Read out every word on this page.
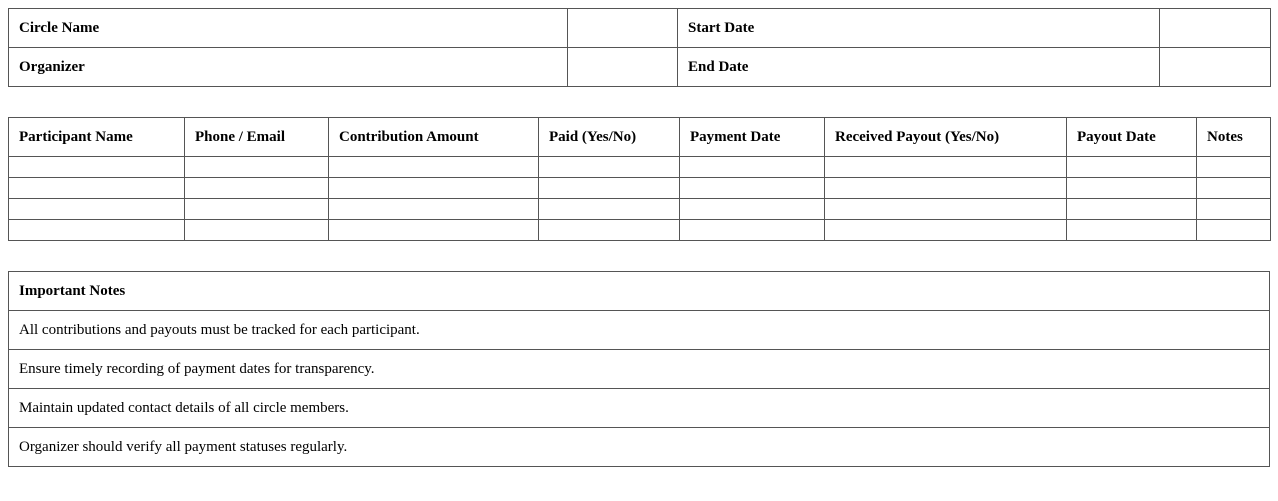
Circle Name		Start Date	
Organizer		End Date	
Participant Name	Phone / Email	Contribution Amount	Paid (Yes/No)	Payment Date	Received Payout (Yes/No)	Payout Date	Notes

Important Notes
All contributions and payouts must be tracked for each participant.
Ensure timely recording of payment dates for transparency.
Maintain updated contact details of all circle members.
Organizer should verify all payment statuses regularly.
